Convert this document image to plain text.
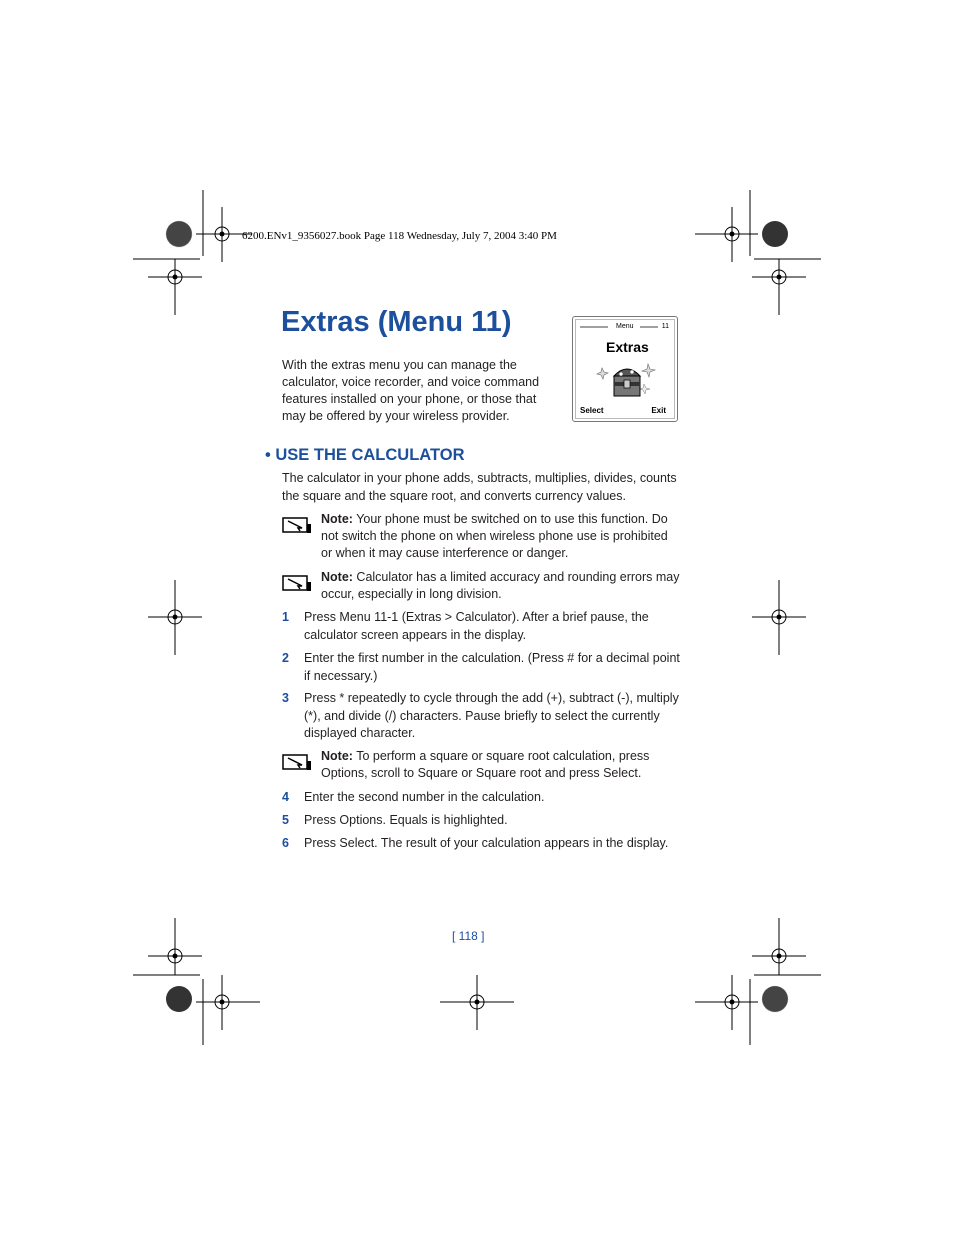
6200.ENv1_9356027.book Page 118 Wednesday, July 7, 2004 3:40 PM
Extras (Menu 11)

With the extras menu you can manage the calculator, voice recorder, and voice command features installed on your phone, or those that may be offered by your wireless provider.

Menu	11
Extras
Select	Exit
• USE THE CALCULATOR

The calculator in your phone adds, subtracts, multiplies, divides, counts the square and the square root, and converts currency values.

Note: Your phone must be switched on to use this function. Do not switch the phone on when wireless phone use is prohibited or when it may cause interference or danger.

Note: Calculator has a limited accuracy and rounding errors may occur, especially in long division.

1 Press Menu 11-1 (Extras > Calculator). After a brief pause, the calculator screen appears in the display.

2 Enter the first number in the calculation. (Press # for a decimal point if necessary.)

3 Press * repeatedly to cycle through the add (+), subtract (-), multiply (*), and divide (/) characters. Pause briefly to select the currently displayed character.

Note: To perform a square or square root calculation, press Options, scroll to Square or Square root and press Select.

4 Enter the second number in the calculation.

5 Press Options. Equals is highlighted.

6 Press Select. The result of your calculation appears in the display.

[ 118 ]
